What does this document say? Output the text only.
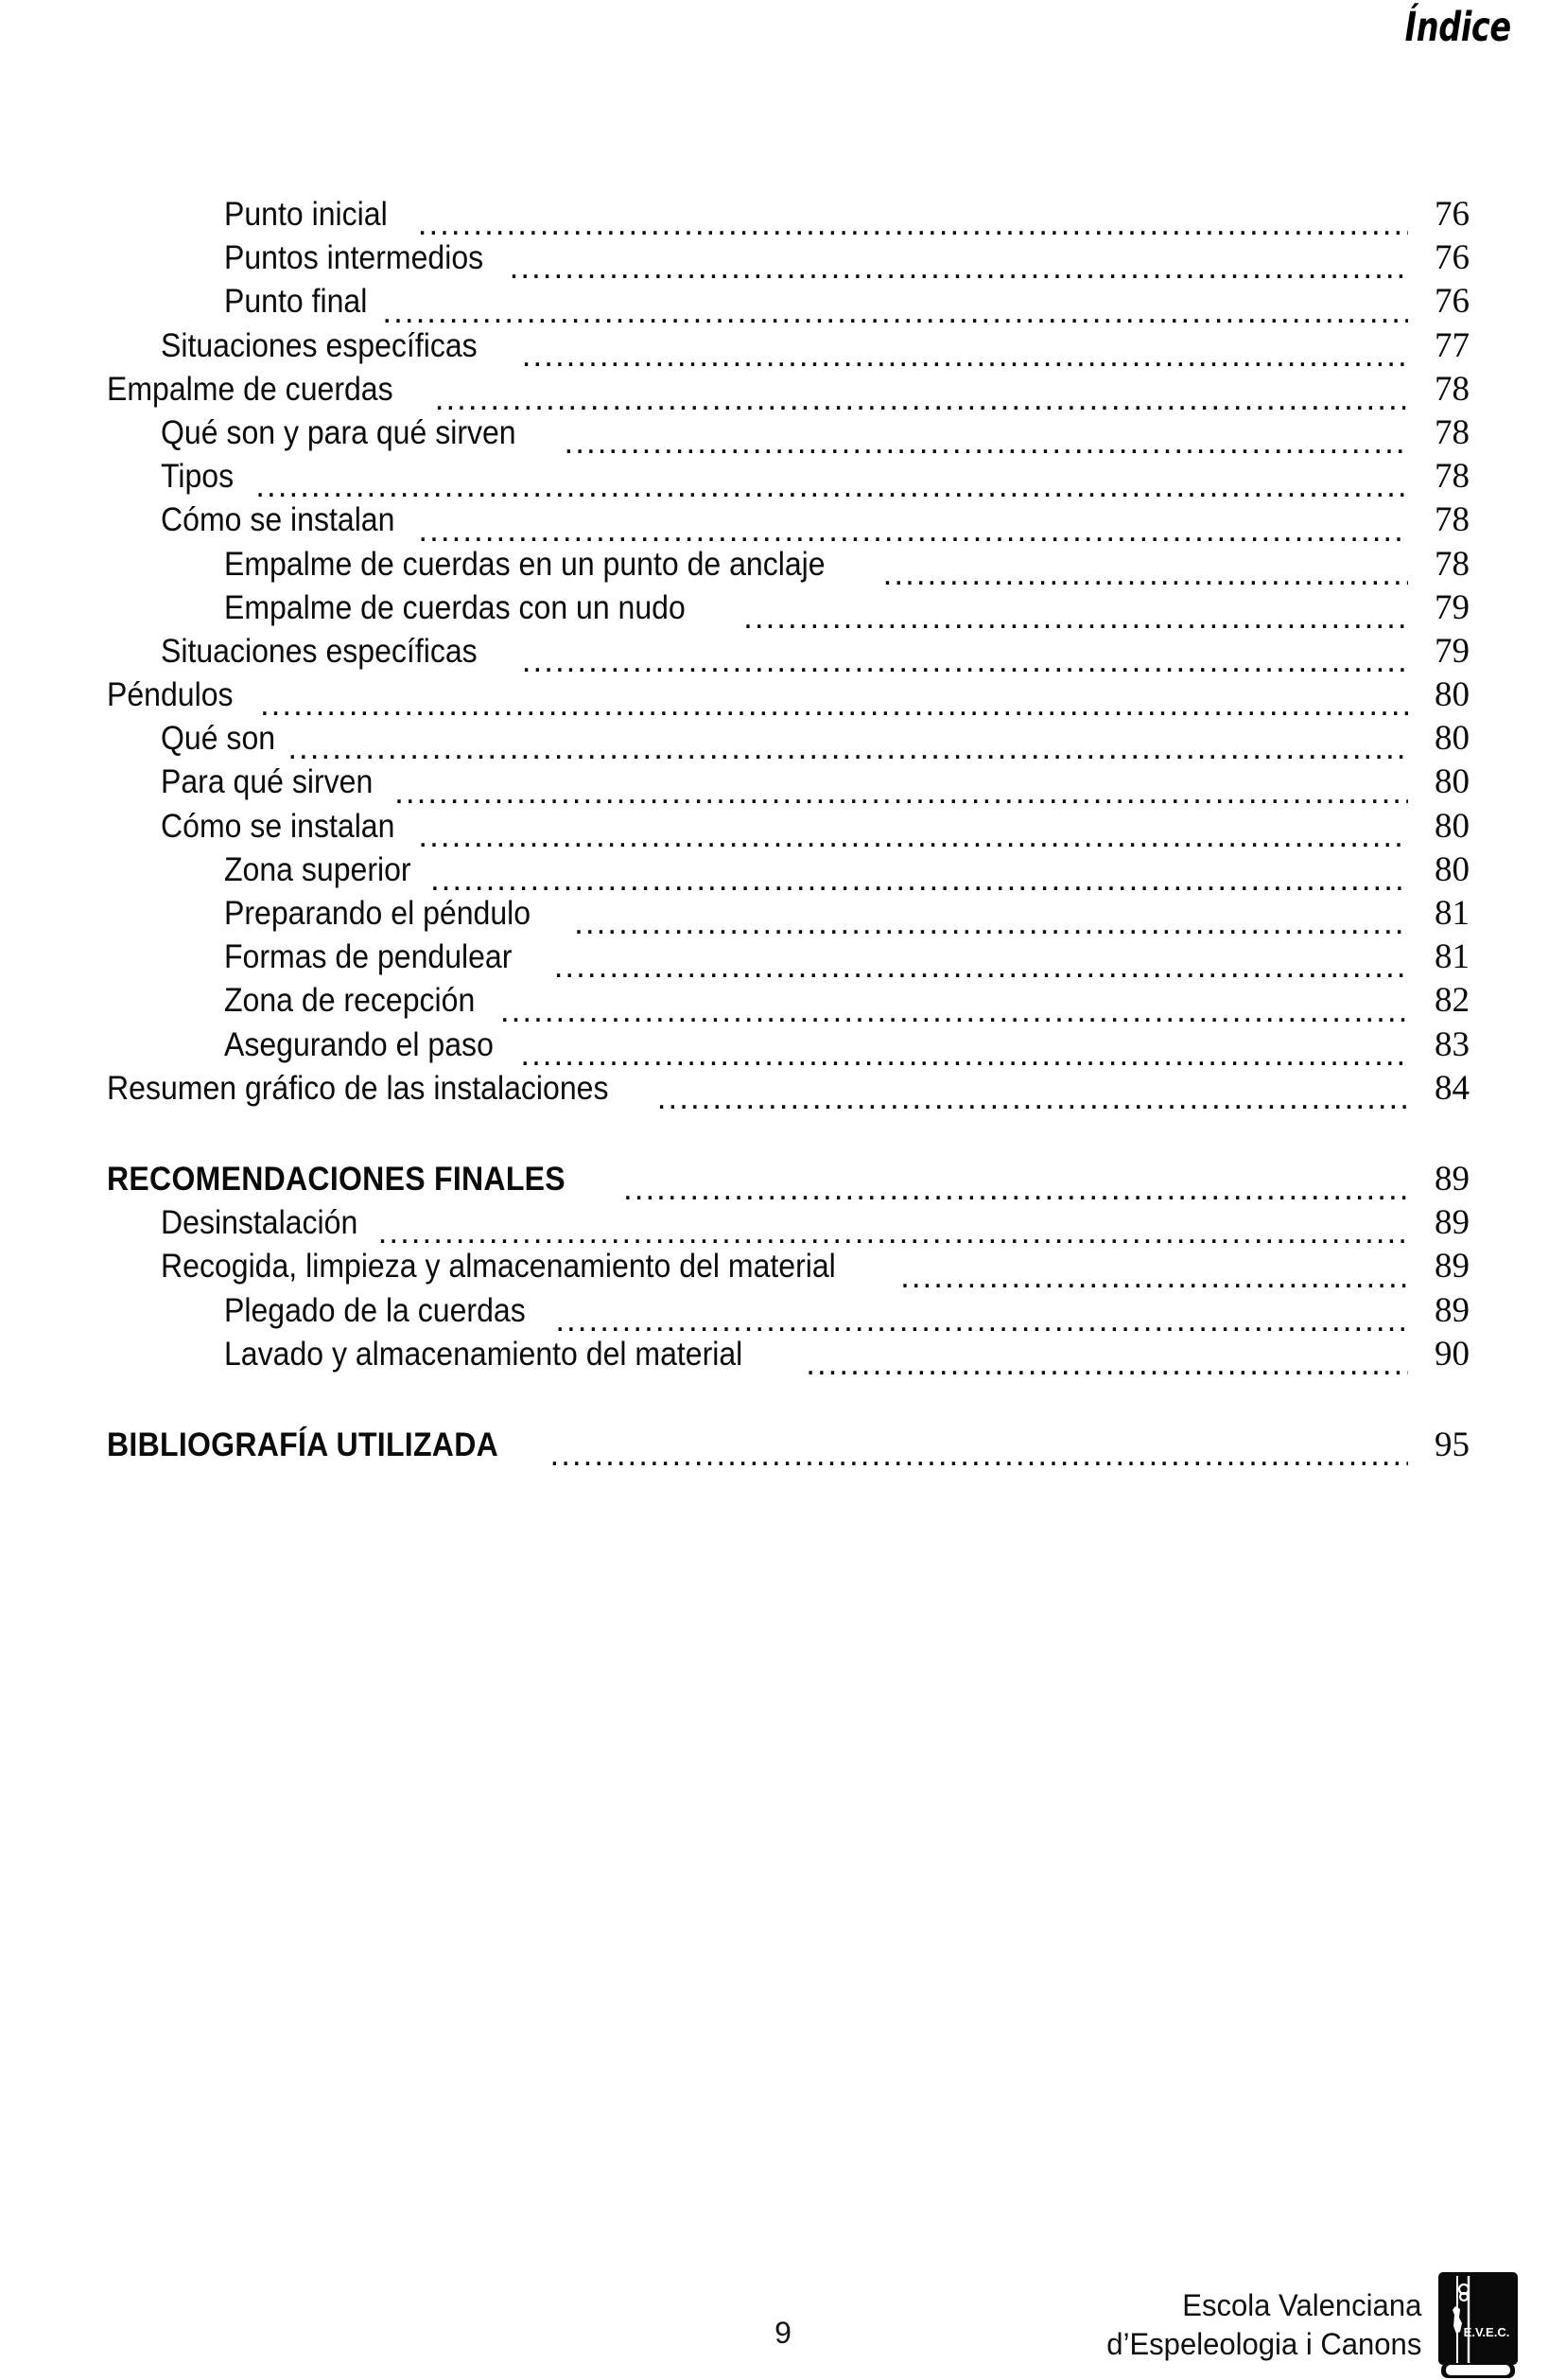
Índice
Punto inicial .....	76
Puntos intermedios .....	76
Punto final .....	76
Situaciones específicas .....	77
Empalme de cuerdas .....	78
Qué son y para qué sirven .....	78
Tipos .....	78
Cómo se instalan .....	78
Empalme de cuerdas en un punto de anclaje .....	78
Empalme de cuerdas con un nudo .....	79
Situaciones específicas .....	79
Péndulos .....	80
Qué son .....	80
Para qué sirven .....	80
Cómo se instalan .....	80
Zona superior .....	80
Preparando el péndulo .....	81
Formas de pendulear .....	81
Zona de recepción .....	82
Asegurando el paso .....	83
Resumen gráfico de las instalaciones .....	84
RECOMENDACIONES FINALES .....	89
Desinstalación .....	89
Recogida, limpieza y almacenamiento del material .....	89
Plegado de la cuerdas .....	89
Lavado y almacenamiento del material .....	90
BIBLIOGRAFÍA UTILIZADA .....	95
9
Escola Valenciana
d’Espeleologia i Canons	E.V.E.C.
